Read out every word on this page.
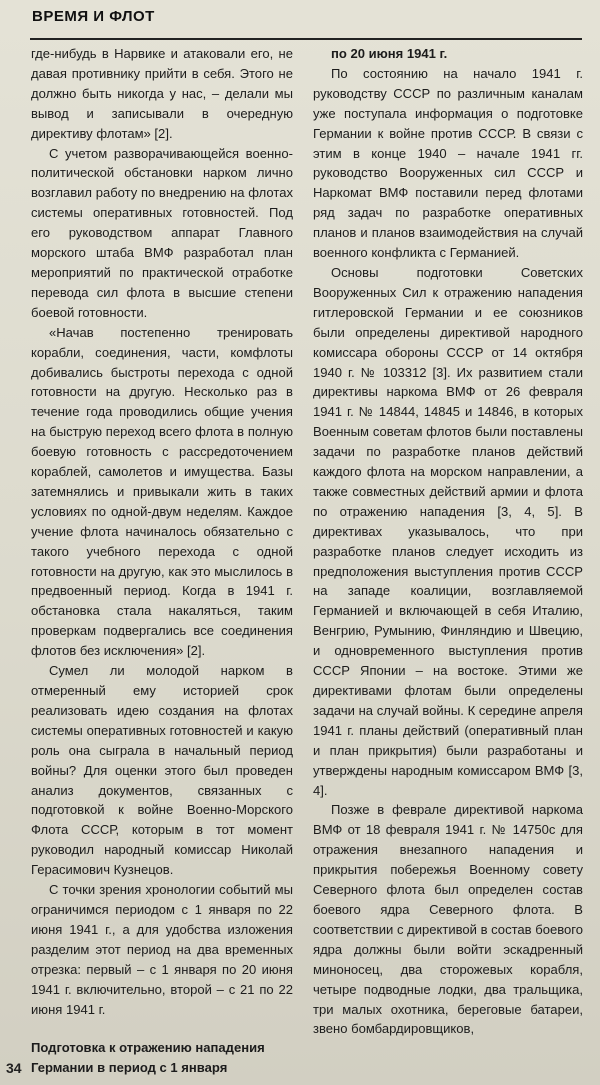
ВРЕМЯ И ФЛОТ

где-нибудь в Нарвике и атаковали его, не давая противнику прийти в себя. Этого не должно быть никогда у нас, – делали мы вывод и записывали в очередную директиву флотам» [2].

С учетом разворачивающейся военно-политической обстановки нарком лично возглавил работу по внедрению на флотах системы оперативных готовностей. Под его руководством аппарат Главного морского штаба ВМФ разработал план мероприятий по практической отработке перевода сил флота в высшие степени боевой готовности.

«Начав постепенно тренировать корабли, соединения, части, комфлоты добивались быстроты перехода с одной готовности на другую. Несколько раз в течение года проводились общие учения на быструю переход всего флота в полную боевую готовность с рассредоточением кораблей, самолетов и имущества. Базы затемнялись и привыкали жить в таких условиях по одной-двум неделям. Каждое учение флота начиналось обязательно с такого учебного перехода с одной готовности на другую, как это мыслилось в предвоенный период. Когда в 1941 г. обстановка стала накаляться, таким проверкам подвергались все соединения флотов без исключения» [2].

Сумел ли молодой нарком в отмеренный ему историей срок реализовать идею создания на флотах системы оперативных готовностей и какую роль она сыграла в начальный период войны? Для оценки этого был проведен анализ документов, связанных с подготовкой к войне Военно-Морского Флота СССР, которым в тот момент руководил народный комиссар Николай Герасимович Кузнецов.

С точки зрения хронологии событий мы ограничимся периодом с 1 января по 22 июня 1941 г., а для удобства изложения разделим этот период на два временных отрезка: первый – с 1 января по 20 июня 1941 г. включительно, второй – с 21 по 22 июня 1941 г.

Подготовка к отражению нападения Германии в период с 1 января

по 20 июня 1941 г.

По состоянию на начало 1941 г. руководству СССР по различным каналам уже поступала информация о подготовке Германии к войне против СССР. В связи с этим в конце 1940 – начале 1941 гг. руководство Вооруженных сил СССР и Наркомат ВМФ поставили перед флотами ряд задач по разработке оперативных планов и планов взаимодействия на случай военного конфликта с Германией.

Основы подготовки Советских Вооруженных Сил к отражению нападения гитлеровской Германии и ее союзников были определены директивой народного комиссара обороны СССР от 14 октября 1940 г. № 103312 [3]. Их развитием стали директивы наркома ВМФ от 26 февраля 1941 г. № 14844, 14845 и 14846, в которых Военным советам флотов были поставлены задачи по разработке планов действий каждого флота на морском направлении, а также совместных действий армии и флота по отражению нападения [3, 4, 5]. В директивах указывалось, что при разработке планов следует исходить из предположения выступления против СССР на западе коалиции, возглавляемой Германией и включающей в себя Италию, Венгрию, Румынию, Финляндию и Швецию, и одновременного выступления против СССР Японии – на востоке. Этими же директивами флотам были определены задачи на случай войны. К середине апреля 1941 г. планы действий (оперативный план и план прикрытия) были разработаны и утверждены народным комиссаром ВМФ [3, 4].

Позже в феврале директивой наркома ВМФ от 18 февраля 1941 г. № 14750с для отражения внезапного нападения и прикрытия побережья Военному совету Северного флота был определен состав боевого ядра Северного флота. В соответствии с директивой в состав боевого ядра должны были войти эскадренный миноносец, два сторожевых корабля, четыре подводные лодки, два тральщика, три малых охотника, береговые батареи, звено бомбардировщиков,

34
